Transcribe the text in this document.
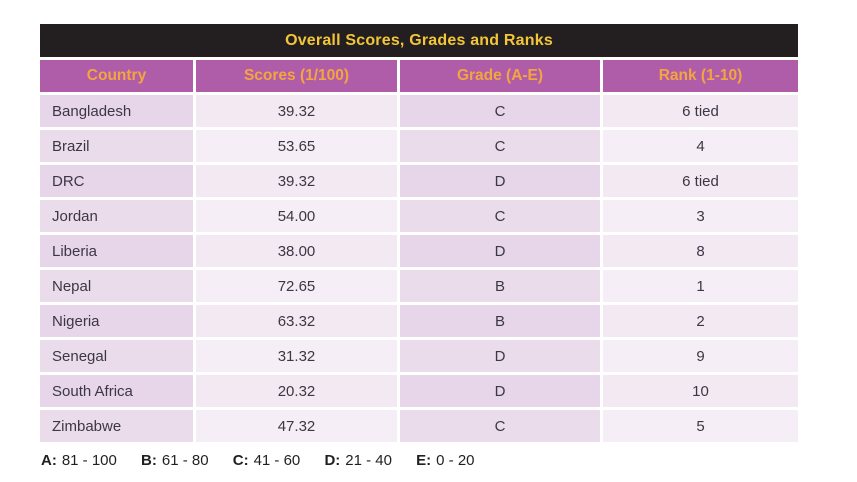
Overall Scores, Grades and Ranks
Country	Scores (1/100)	Grade (A-E)	Rank (1-10)
Bangladesh	39.32	C	6 tied
Brazil	53.65	C	4
DRC	39.32	D	6 tied
Jordan	54.00	C	3
Liberia	38.00	D	8
Nepal	72.65	B	1
Nigeria	63.32	B	2
Senegal	31.32	D	9
South Africa	20.32	D	10
Zimbabwe	47.32	C	5
A: 81 - 100 B: 61 - 80 C: 41 - 60 D: 21 - 40 E: 0 - 20
